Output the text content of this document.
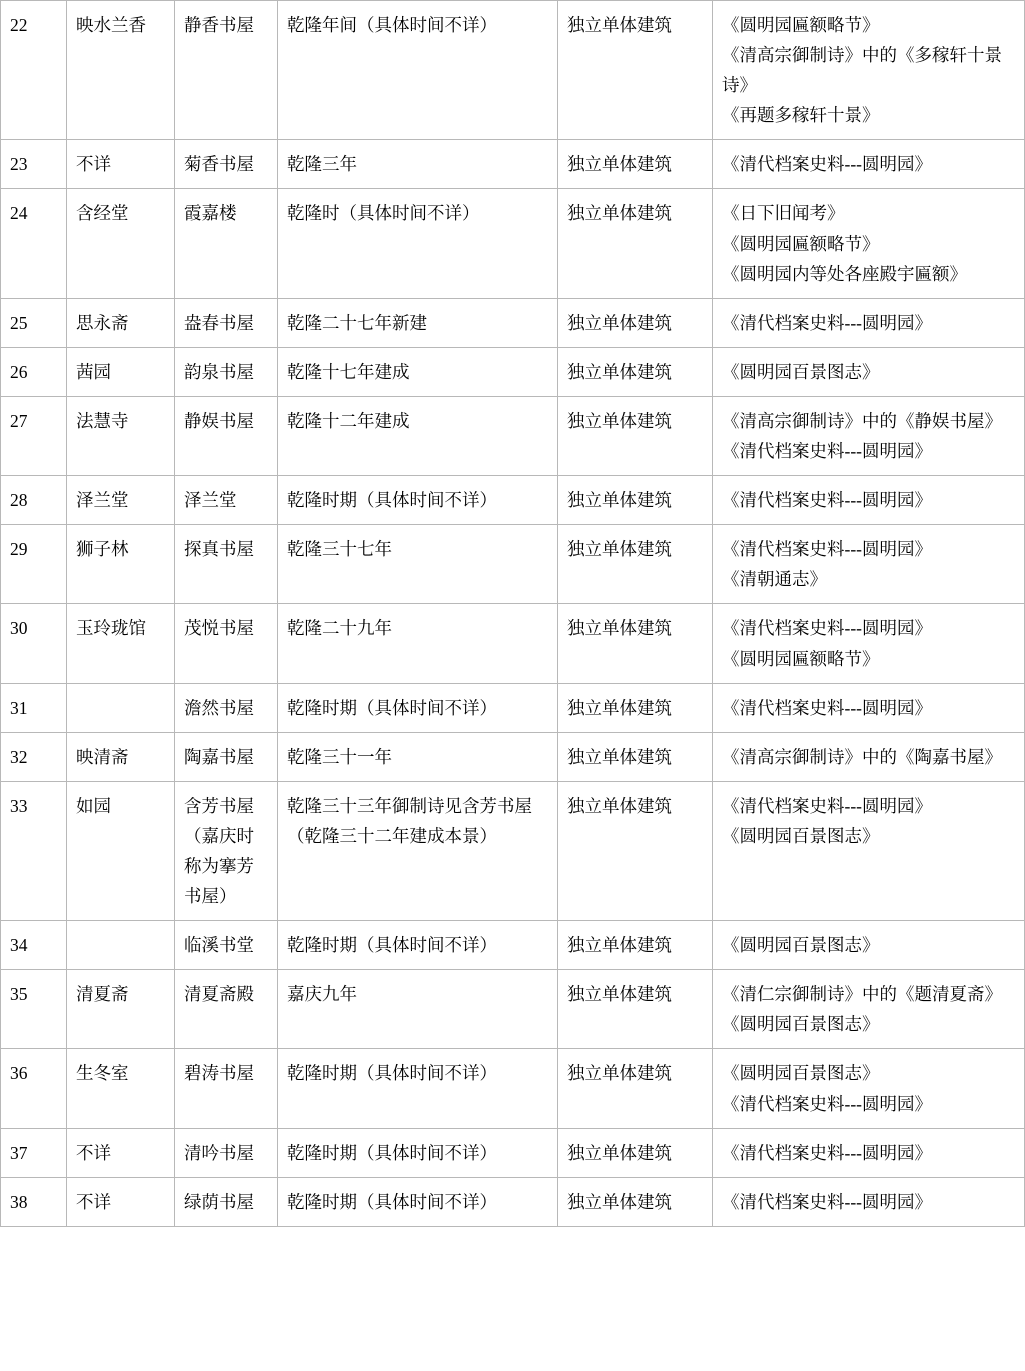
22	映水兰香	静香书屋	乾隆年间（具体时间不详）	独立单体建筑	《圆明园匾额略节》
《清高宗御制诗》中的《多稼轩十景诗》
《再题多稼轩十景》

23	不详	菊香书屋	乾隆三年	独立单体建筑	《清代档案史料---圆明园》

24	含经堂	霞嘉楼	乾隆时（具体时间不详）	独立单体建筑	《日下旧闻考》
《圆明园匾额略节》
《圆明园内等处各座殿宇匾额》

25	思永斋	盎春书屋	乾隆二十七年新建	独立单体建筑	《清代档案史料---圆明园》

26	茜园	韵泉书屋	乾隆十七年建成	独立单体建筑	《圆明园百景图志》

27	法慧寺	静娱书屋	乾隆十二年建成	独立单体建筑	《清高宗御制诗》中的《静娱书屋》
《清代档案史料---圆明园》

28	泽兰堂	泽兰堂	乾隆时期（具体时间不详）	独立单体建筑	《清代档案史料---圆明园》

29	狮子林	探真书屋	乾隆三十七年	独立单体建筑	《清代档案史料---圆明园》
《清朝通志》

30	玉玲珑馆	茂悦书屋	乾隆二十九年	独立单体建筑	《清代档案史料---圆明园》
《圆明园匾额略节》

31		澹然书屋	乾隆时期（具体时间不详）	独立单体建筑	《清代档案史料---圆明园》

32	映清斋	陶嘉书屋	乾隆三十一年	独立单体建筑	《清高宗御制诗》中的《陶嘉书屋》

33	如园	含芳书屋（嘉庆时称为搴芳书屋）	乾隆三十三年御制诗见含芳书屋（乾隆三十二年建成本景）	独立单体建筑	《清代档案史料---圆明园》
《圆明园百景图志》

34		临溪书堂	乾隆时期（具体时间不详）	独立单体建筑	《圆明园百景图志》

35	清夏斋	清夏斋殿	嘉庆九年	独立单体建筑	《清仁宗御制诗》中的《题清夏斋》
《圆明园百景图志》

36	生冬室	碧涛书屋	乾隆时期（具体时间不详）	独立单体建筑	《圆明园百景图志》
《清代档案史料---圆明园》

37	不详	清吟书屋	乾隆时期（具体时间不详）	独立单体建筑	《清代档案史料---圆明园》

38	不详	绿荫书屋	乾隆时期（具体时间不详）	独立单体建筑	《清代档案史料---圆明园》
